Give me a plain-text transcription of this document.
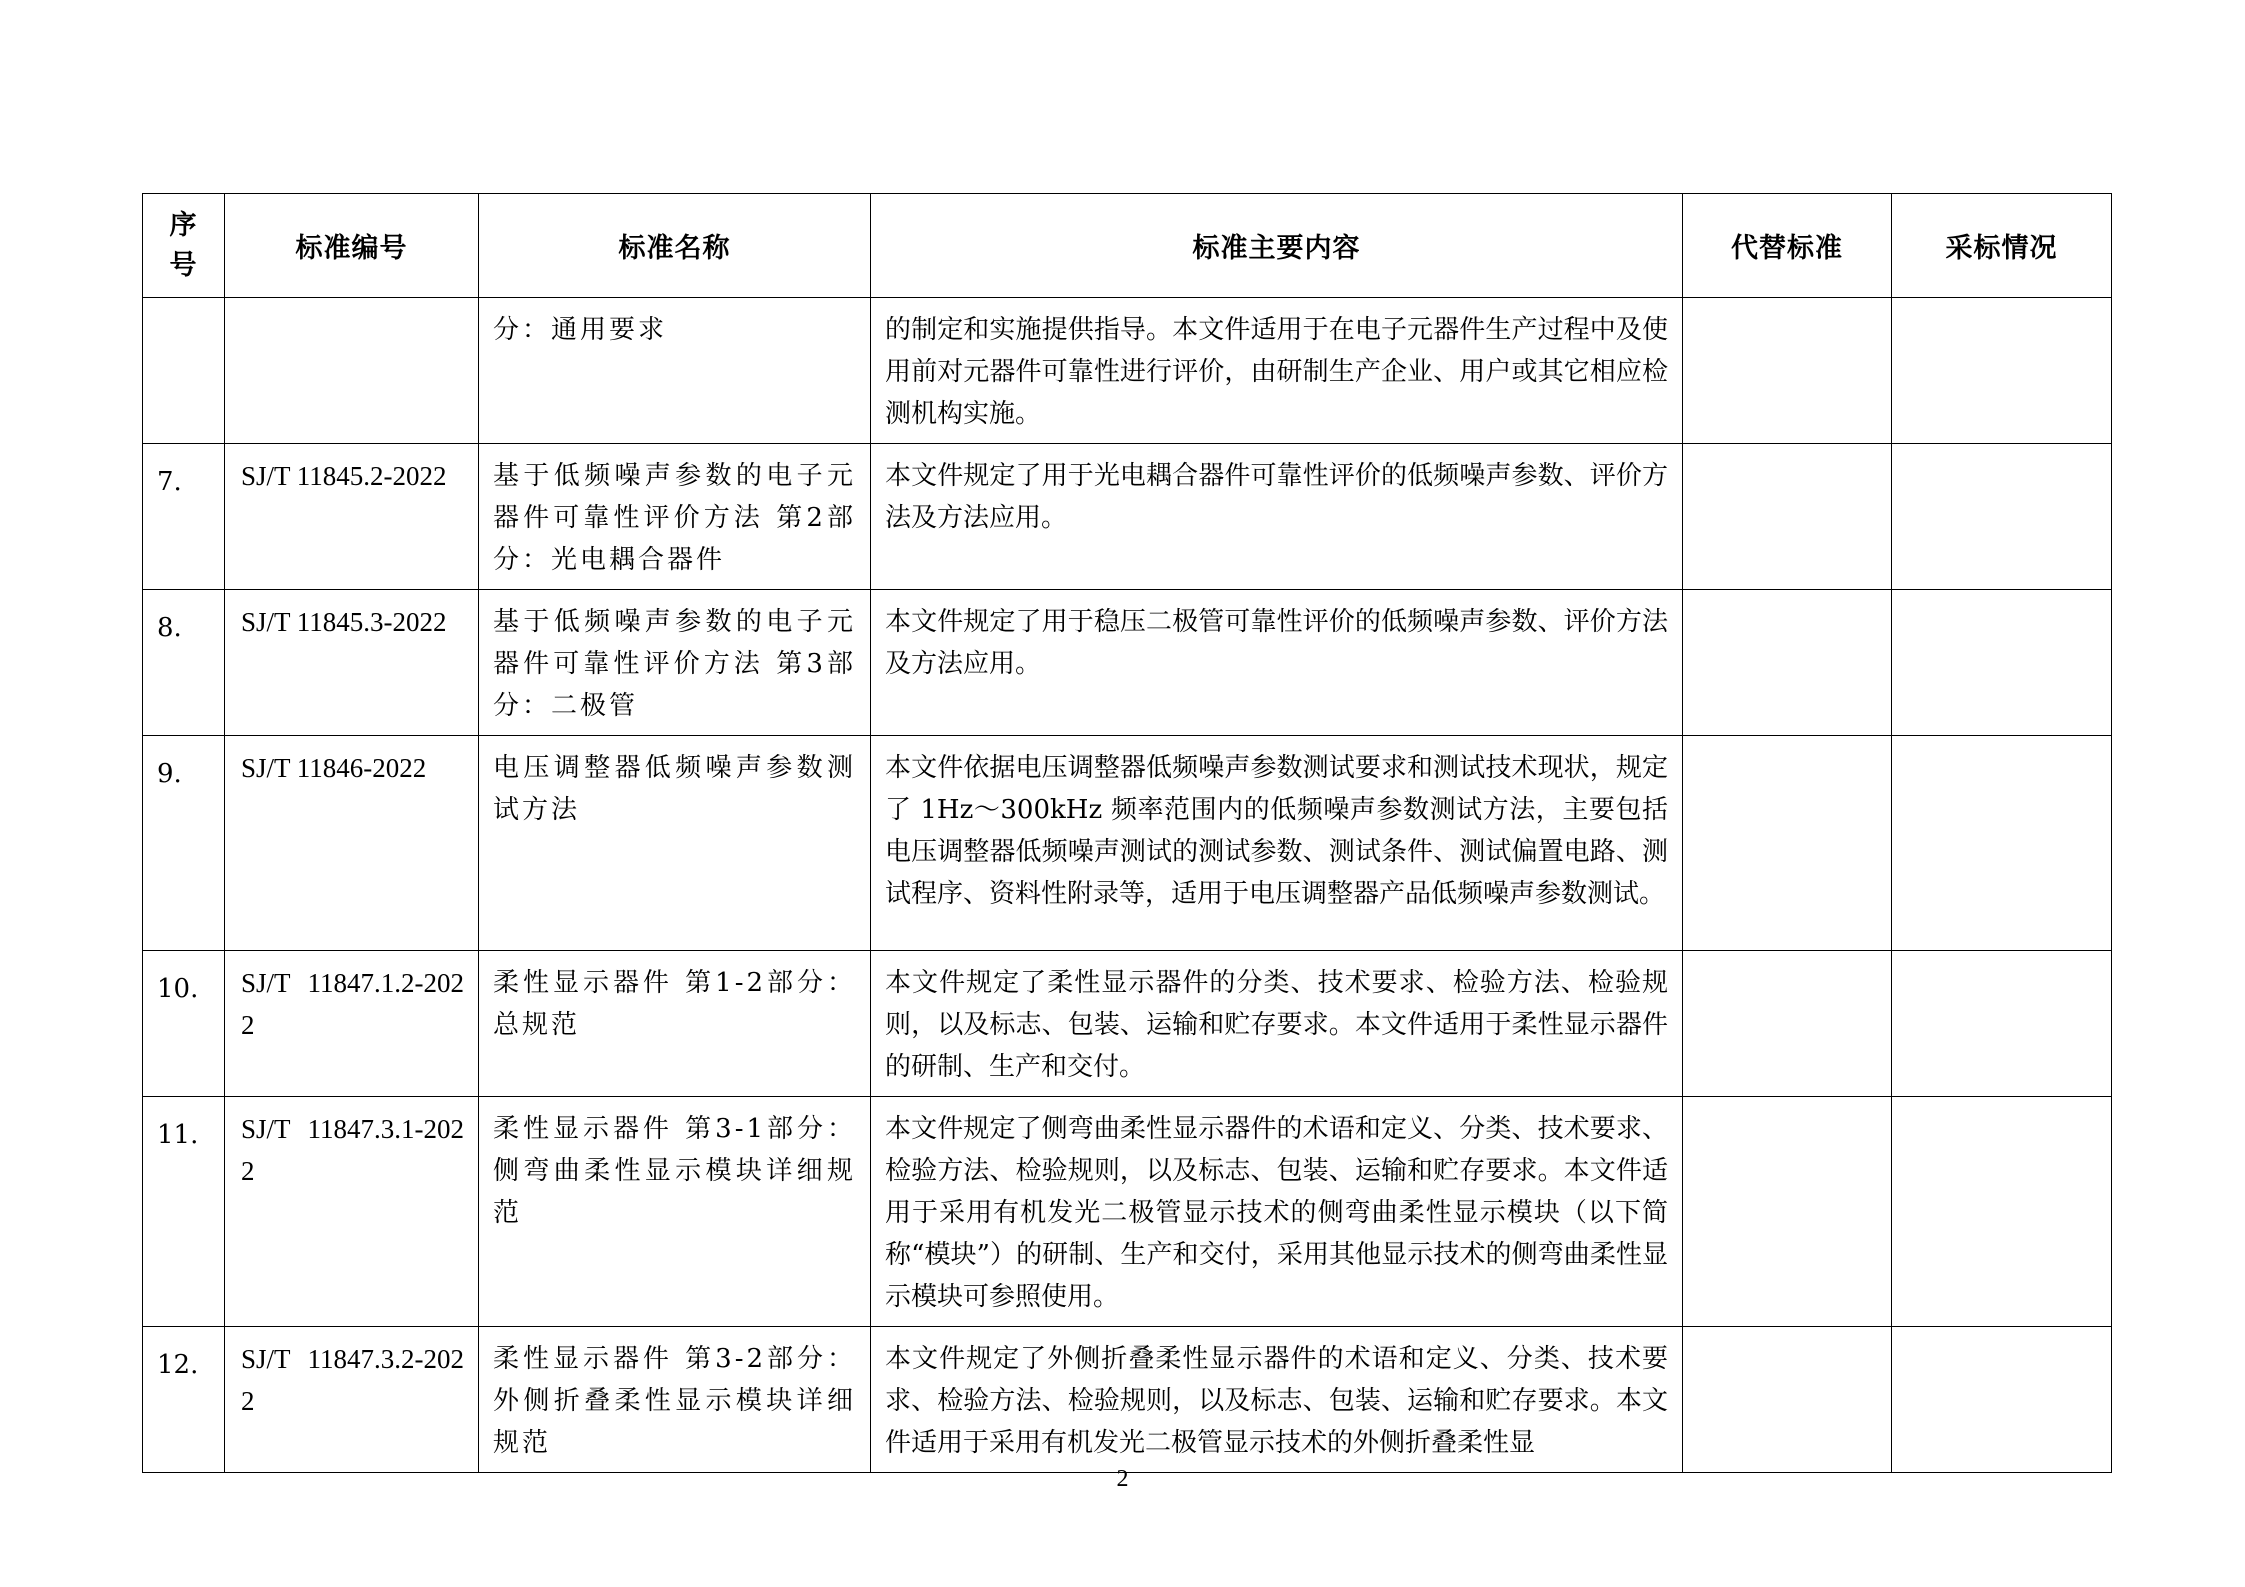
序
号	标准编号	标准名称	标准主要内容	代替标准	采标情况

		分：通用要求	的制定和实施提供指导。本文件适用于在电子元器件生产过程中及使用前对元器件可靠性进行评价，由研制生产企业、用户或其它相应检测机构实施。		

7.	SJ/T 11845.2-2022	基于低频噪声参数的电子元器件可靠性评价方法 第2部分：光电耦合器件	本文件规定了用于光电耦合器件可靠性评价的低频噪声参数、评价方法及方法应用。		

8.	SJ/T 11845.3-2022	基于低频噪声参数的电子元器件可靠性评价方法 第3部分：二极管	本文件规定了用于稳压二极管可靠性评价的低频噪声参数、评价方法及方法应用。		

9.	SJ/T 11846-2022	电压调整器低频噪声参数测试方法	本文件依据电压调整器低频噪声参数测试要求和测试技术现状，规定了 1Hz～300kHz 频率范围内的低频噪声参数测试方法，主要包括电压调整器低频噪声测试的测试参数、测试条件、测试偏置电路、测试程序、资料性附录等，适用于电压调整器产品低频噪声参数测试。		

10.	SJ/T 11847.1.2-2022	柔性显示器件 第1-2部分：总规范	本文件规定了柔性显示器件的分类、技术要求、检验方法、检验规则，以及标志、包装、运输和贮存要求。本文件适用于柔性显示器件的研制、生产和交付。		

11.	SJ/T 11847.3.1-2022	柔性显示器件 第3-1部分：侧弯曲柔性显示模块详细规范	本文件规定了侧弯曲柔性显示器件的术语和定义、分类、技术要求、检验方法、检验规则，以及标志、包装、运输和贮存要求。本文件适用于采用有机发光二极管显示技术的侧弯曲柔性显示模块（以下简称“模块”）的研制、生产和交付，采用其他显示技术的侧弯曲柔性显示模块可参照使用。		

12.	SJ/T 11847.3.2-2022	柔性显示器件 第3-2部分：外侧折叠柔性显示模块详细规范	本文件规定了外侧折叠柔性显示器件的术语和定义、分类、技术要求、检验方法、检验规则，以及标志、包装、运输和贮存要求。本文件适用于采用有机发光二极管显示技术的外侧折叠柔性显		

2
